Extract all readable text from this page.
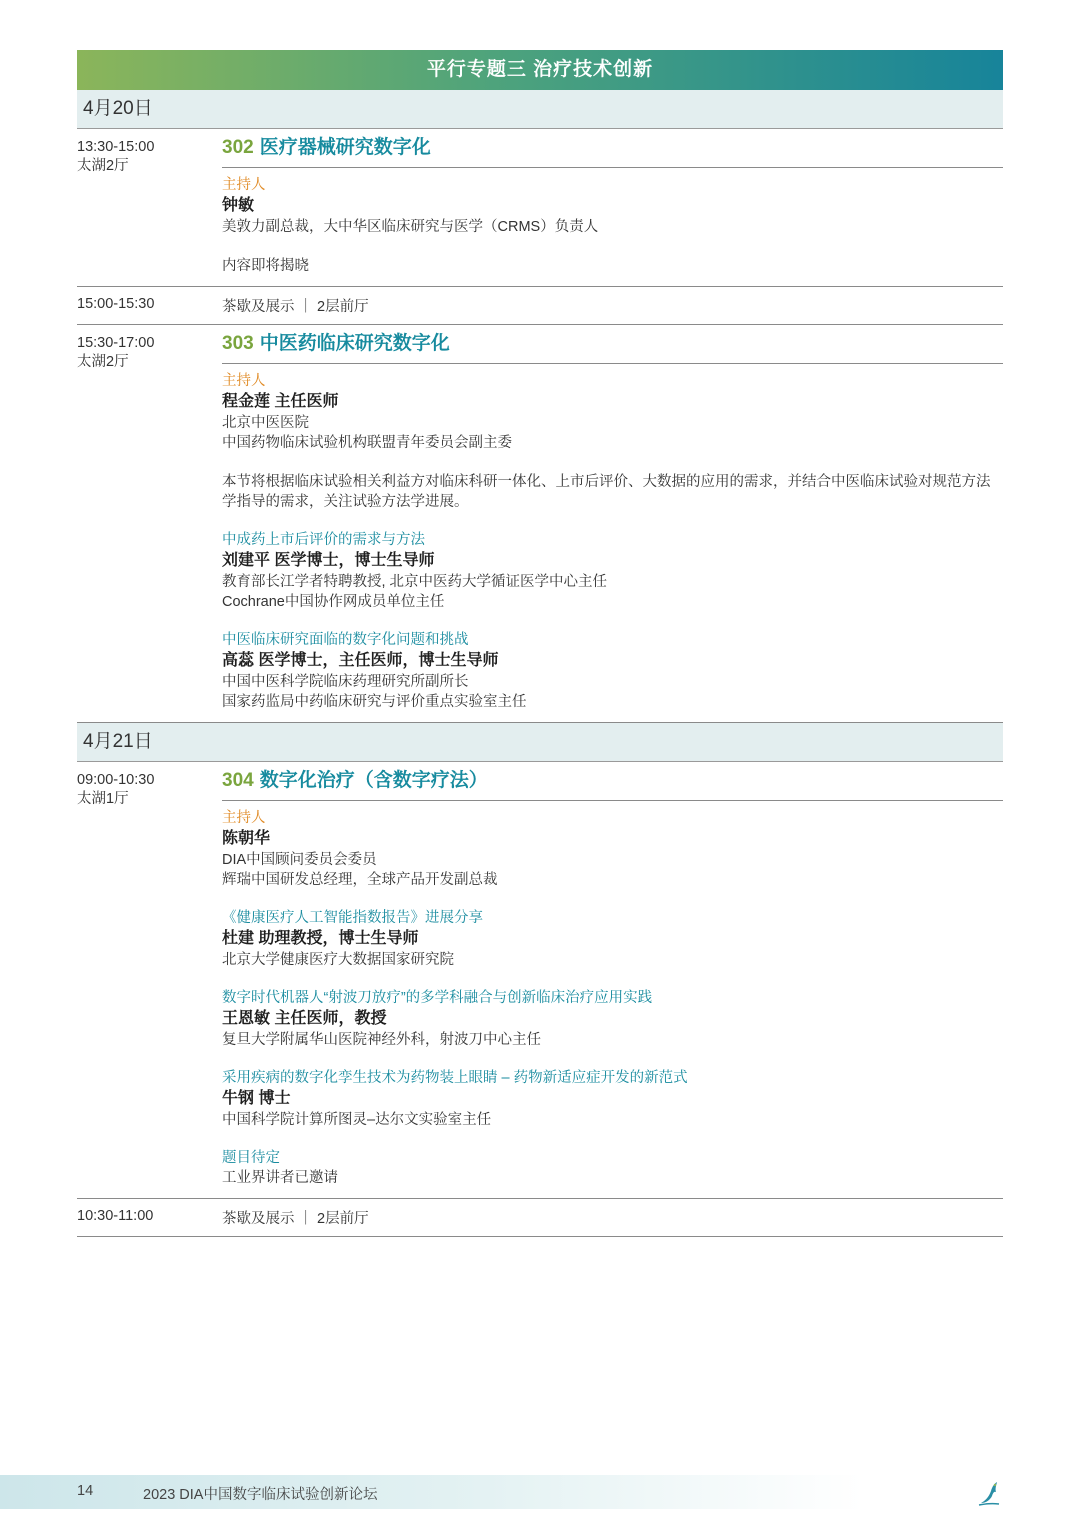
平行专题三 治疗技术创新
4月20日
13:30-15:00
太湖2厅
302 医疗器械研究数字化
主持人
钟敏
美敦力副总裁，大中华区临床研究与医学（CRMS）负责人
内容即将揭晓
15:00-15:30	茶歇及展示 ｜ 2层前厅
15:30-17:00
太湖2厅
303 中医药临床研究数字化
主持人
程金莲 主任医师
北京中医医院
中国药物临床试验机构联盟青年委员会副主委
本节将根据临床试验相关利益方对临床科研一体化、上市后评价、大数据的应用的需求，并结合中医临床试验对规范方法学指导的需求，关注试验方法学进展。
中成药上市后评价的需求与方法
刘建平 医学博士，博士生导师
教育部长江学者特聘教授, 北京中医药大学循证医学中心主任
Cochrane中国协作网成员单位主任
中医临床研究面临的数字化问题和挑战
高蕊 医学博士，主任医师，博士生导师
中国中医科学院临床药理研究所副所长
国家药监局中药临床研究与评价重点实验室主任
4月21日
09:00-10:30
太湖1厅
304 数字化治疗（含数字疗法）
主持人
陈朝华
DIA中国顾问委员会委员
辉瑞中国研发总经理，全球产品开发副总裁
《健康医疗人工智能指数报告》进展分享
杜建 助理教授，博士生导师
北京大学健康医疗大数据国家研究院
数字时代机器人“射波刀放疗”的多学科融合与创新临床治疗应用实践
王恩敏 主任医师，教授
复旦大学附属华山医院神经外科，射波刀中心主任
采用疾病的数字化孪生技术为药物装上眼睛 – 药物新适应症开发的新范式
牛钢 博士
中国科学院计算所图灵–达尔文实验室主任
题目待定
工业界讲者已邀请
10:30-11:00	茶歇及展示 ｜ 2层前厅
14	2023 DIA中国数字临床试验创新论坛
